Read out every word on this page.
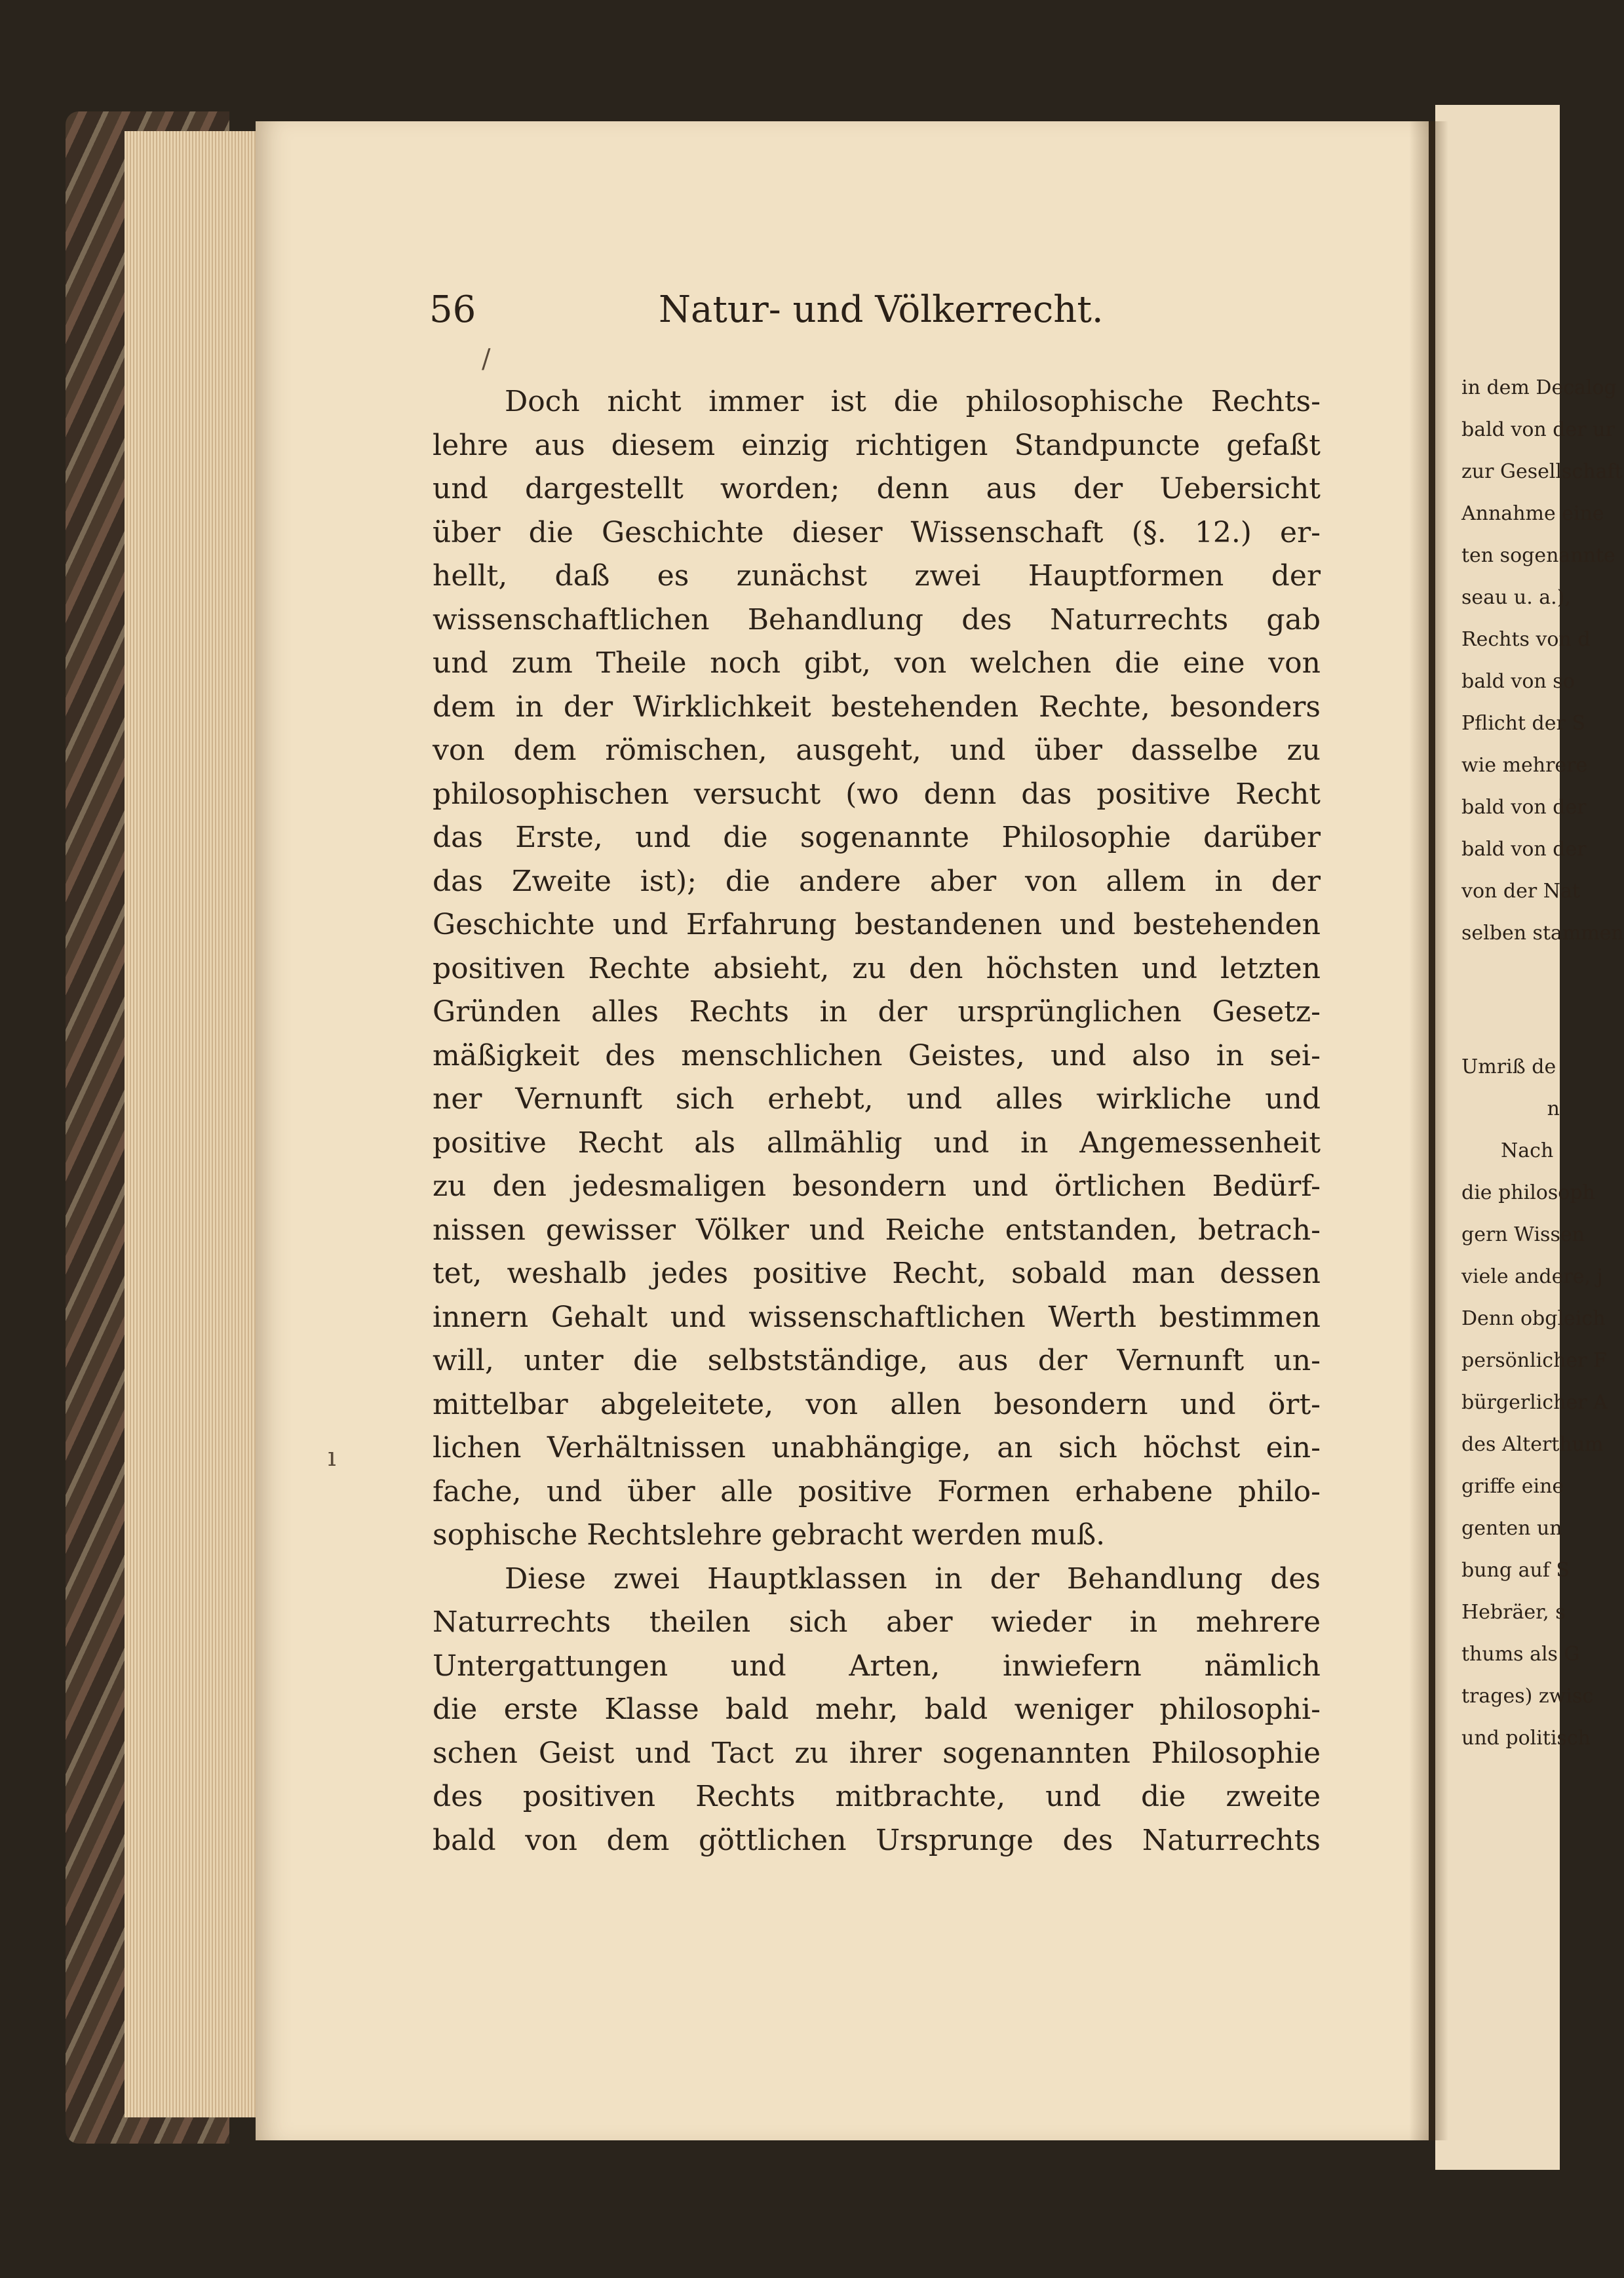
56	Natur- und Völkerrecht.
/
ı
Doch nicht immer ist die philosophische Rechts-
lehre aus diesem einzig richtigen Standpuncte gefaßt
und dargestellt worden; denn aus der Uebersicht
über die Geschichte dieser Wissenschaft (§. 12.) er-
hellt, daß es zunächst zwei Hauptformen der
wissenschaftlichen Behandlung des Naturrechts gab
und zum Theile noch gibt, von welchen die eine von
dem in der Wirklichkeit bestehenden Rechte, besonders
von dem römischen, ausgeht, und über dasselbe zu
philosophischen versucht (wo denn das positive Recht
das Erste, und die sogenannte Philosophie darüber
das Zweite ist); die andere aber von allem in der
Geschichte und Erfahrung bestandenen und bestehenden
positiven Rechte absieht, zu den höchsten und letzten
Gründen alles Rechts in der ursprünglichen Gesetz-
mäßigkeit des menschlichen Geistes, und also in sei-
ner Vernunft sich erhebt, und alles wirkliche und
positive Recht als allmählig und in Angemessenheit
zu den jedesmaligen besondern und örtlichen Bedürf-
nissen gewisser Völker und Reiche entstanden, betrach-
tet, weshalb jedes positive Recht, sobald man dessen
innern Gehalt und wissenschaftlichen Werth bestimmen
will, unter die selbstständige, aus der Vernunft un-
mittelbar abgeleitete, von allen besondern und ört-
lichen Verhältnissen unabhängige, an sich höchst ein-
fache, und über alle positive Formen erhabene philo-
sophische Rechtslehre gebracht werden muß.
Diese zwei Hauptklassen in der Behandlung des
Naturrechts theilen sich aber wieder in mehrere
Untergattungen und Arten, inwiefern nämlich
die erste Klasse bald mehr, bald weniger philosophi-
schen Geist und Tact zu ihrer sogenannten Philosophie
des positiven Rechts mitbrachte, und die zweite
bald von dem göttlichen Ursprunge des Naturrechts
in dem Decalog
bald von der ur
zur Gesellschaft
Annahme eine
ten sogenannte
seau u. a.),
Rechts von d
bald von so
Pflicht der S
wie mehrere
bald von der
bald von der
von der Nat
selben stammen
Umriß de
n
Nach
die philosoph
gern Wissen
viele andere, j
Denn obgleich
persönlicher F
bürgerlicher A
des Alterthum
griffe eine
genten un
bung auf S
Hebräer, s
thums als G
trages) zwisc
und politisch
